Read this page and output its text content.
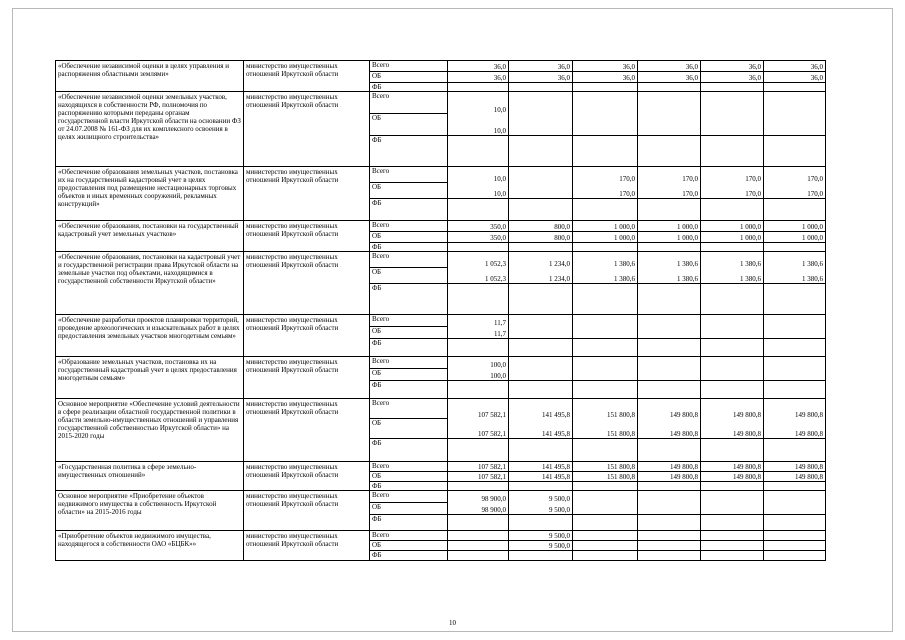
«Обеспечение независимой оценки в целях управления и распоряжения областными землями»	министерство имущественных отношений Иркутской области	Всего	36,0	36,0	36,0	36,0	36,0	36,0
		ОБ	36,0	36,0	36,0	36,0	36,0	36,0
		ФБ						
«Обеспечение независимой оценки земельных участков, находящихся в собственности РФ, полномочия по распоряжению которыми переданы органам государственной власти Иркутской области на основании ФЗ от 24.07.2008 № 161-ФЗ для их комплексного освоения в целях жилищного строительства»	министерство имущественных отношений Иркутской области	Всего	10,0					
		ОБ	10,0					
		ФБ						
«Обеспечение образования земельных участков, постановка их на государственный кадастровый учет в целях предоставления под размещение нестационарных торговых объектов и иных временных сооружений, рекламных конструкций»	министерство имущественных отношений Иркутской области	Всего	10,0		170,0	170,0	170,0	170,0
		ОБ	10,0		170,0	170,0	170,0	170,0
		ФБ						
«Обеспечение образования, постановки на государственный кадастровый учет земельных участков»	министерство имущественных отношений Иркутской области	Всего	350,0	800,0	1 000,0	1 000,0	1 000,0	1 000,0
		ОБ	350,0	800,0	1 000,0	1 000,0	1 000,0	1 000,0
		ФБ						
«Обеспечение образования, постановки на кадастровый учет и государственной регистрации права Иркутской области на земельные участки под объектами, находящимися в государственной собственности Иркутской области»	министерство имущественных отношений Иркутской области	Всего	1 052,3	1 234,0	1 380,6	1 380,6	1 380,6	1 380,6
		ОБ	1 052,3	1 234,0	1 380,6	1 380,6	1 380,6	1 380,6
		ФБ						
«Обеспечение разработки проектов планировки территорий, проведение археологических и изыскательных работ в целях предоставления земельных участков многодетным семьям»	министерство имущественных отношений Иркутской области	Всего	11,7					
		ОБ	11,7					
		ФБ						
«Образование земельных участков, постановка их на государственный кадастровый учет в целях предоставления многодетным семьям»	министерство имущественных отношений Иркутской области	Всего	100,0					
		ОБ	100,0					
		ФБ						
Основное мероприятие «Обеспечение условий деятельности в сфере реализации областной государственной политики в области земельно-имущественных отношений и управления государственной собственностью Иркутской области» на 2015-2020 годы	министерство имущественных отношений Иркутской области	Всего	107 582,1	141 495,8	151 800,8	149 800,8	149 800,8	149 800,8
		ОБ	107 582,1	141 495,8	151 800,8	149 800,8	149 800,8	149 800,8
		ФБ						
«Государственная политика в сфере земельно-имущественных отношений»	министерство имущественных отношений Иркутской области	Всего	107 582,1	141 495,8	151 800,8	149 800,8	149 800,8	149 800,8
		ОБ	107 582,1	141 495,8	151 800,8	149 800,8	149 800,8	149 800,8
		ФБ						
Основное мероприятие «Приобретение объектов недвижимого имущества в собственность Иркутской области» на 2015-2016 годы	министерство имущественных отношений Иркутской области	Всего	98 900,0	9 500,0				
		ОБ	98 900,0	9 500,0				
		ФБ						
«Приобретение объектов недвижимого имущества, находящегося в собственности ОАО «БЦБК»»	министерство имущественных отношений Иркутской области	Всего		9 500,0				
		ОБ		9 500,0				
		ФБ						
10
